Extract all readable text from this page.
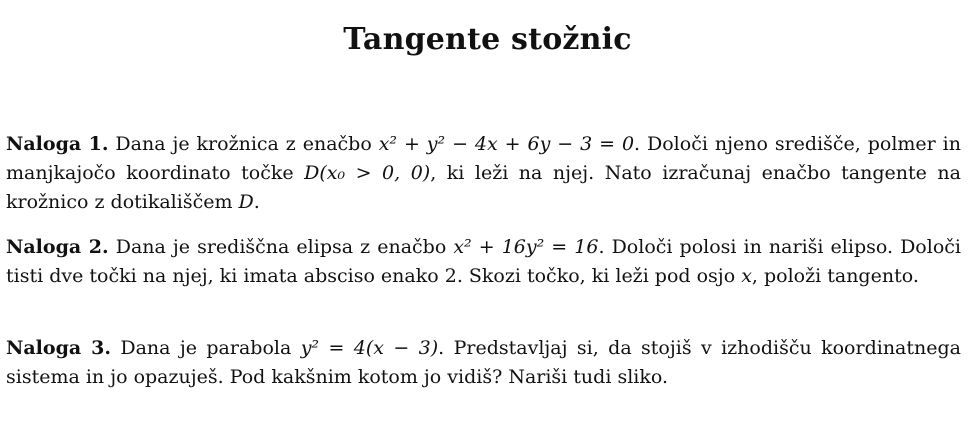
Tangente stožnic
Naloga 1. Dana je krožnica z enačbo x² + y² − 4x + 6y − 3 = 0. Določi njeno središče, polmer in manjkajočo koordinato točke D(x₀ > 0, 0), ki leži na njej. Nato izračunaj enačbo tangente na krožnico z dotikališčem D.
Naloga 2. Dana je središčna elipsa z enačbo x² + 16y² = 16. Določi polosi in nariši elipso. Določi tisti dve točki na njej, ki imata absciso enako 2. Skozi točko, ki leži pod osjo x, položi tangento.
Naloga 3. Dana je parabola y² = 4(x − 3). Predstavljaj si, da stojiš v izhodišču koordinatnega sistema in jo opazuješ. Pod kakšnim kotom jo vidiš? Nariši tudi sliko.
